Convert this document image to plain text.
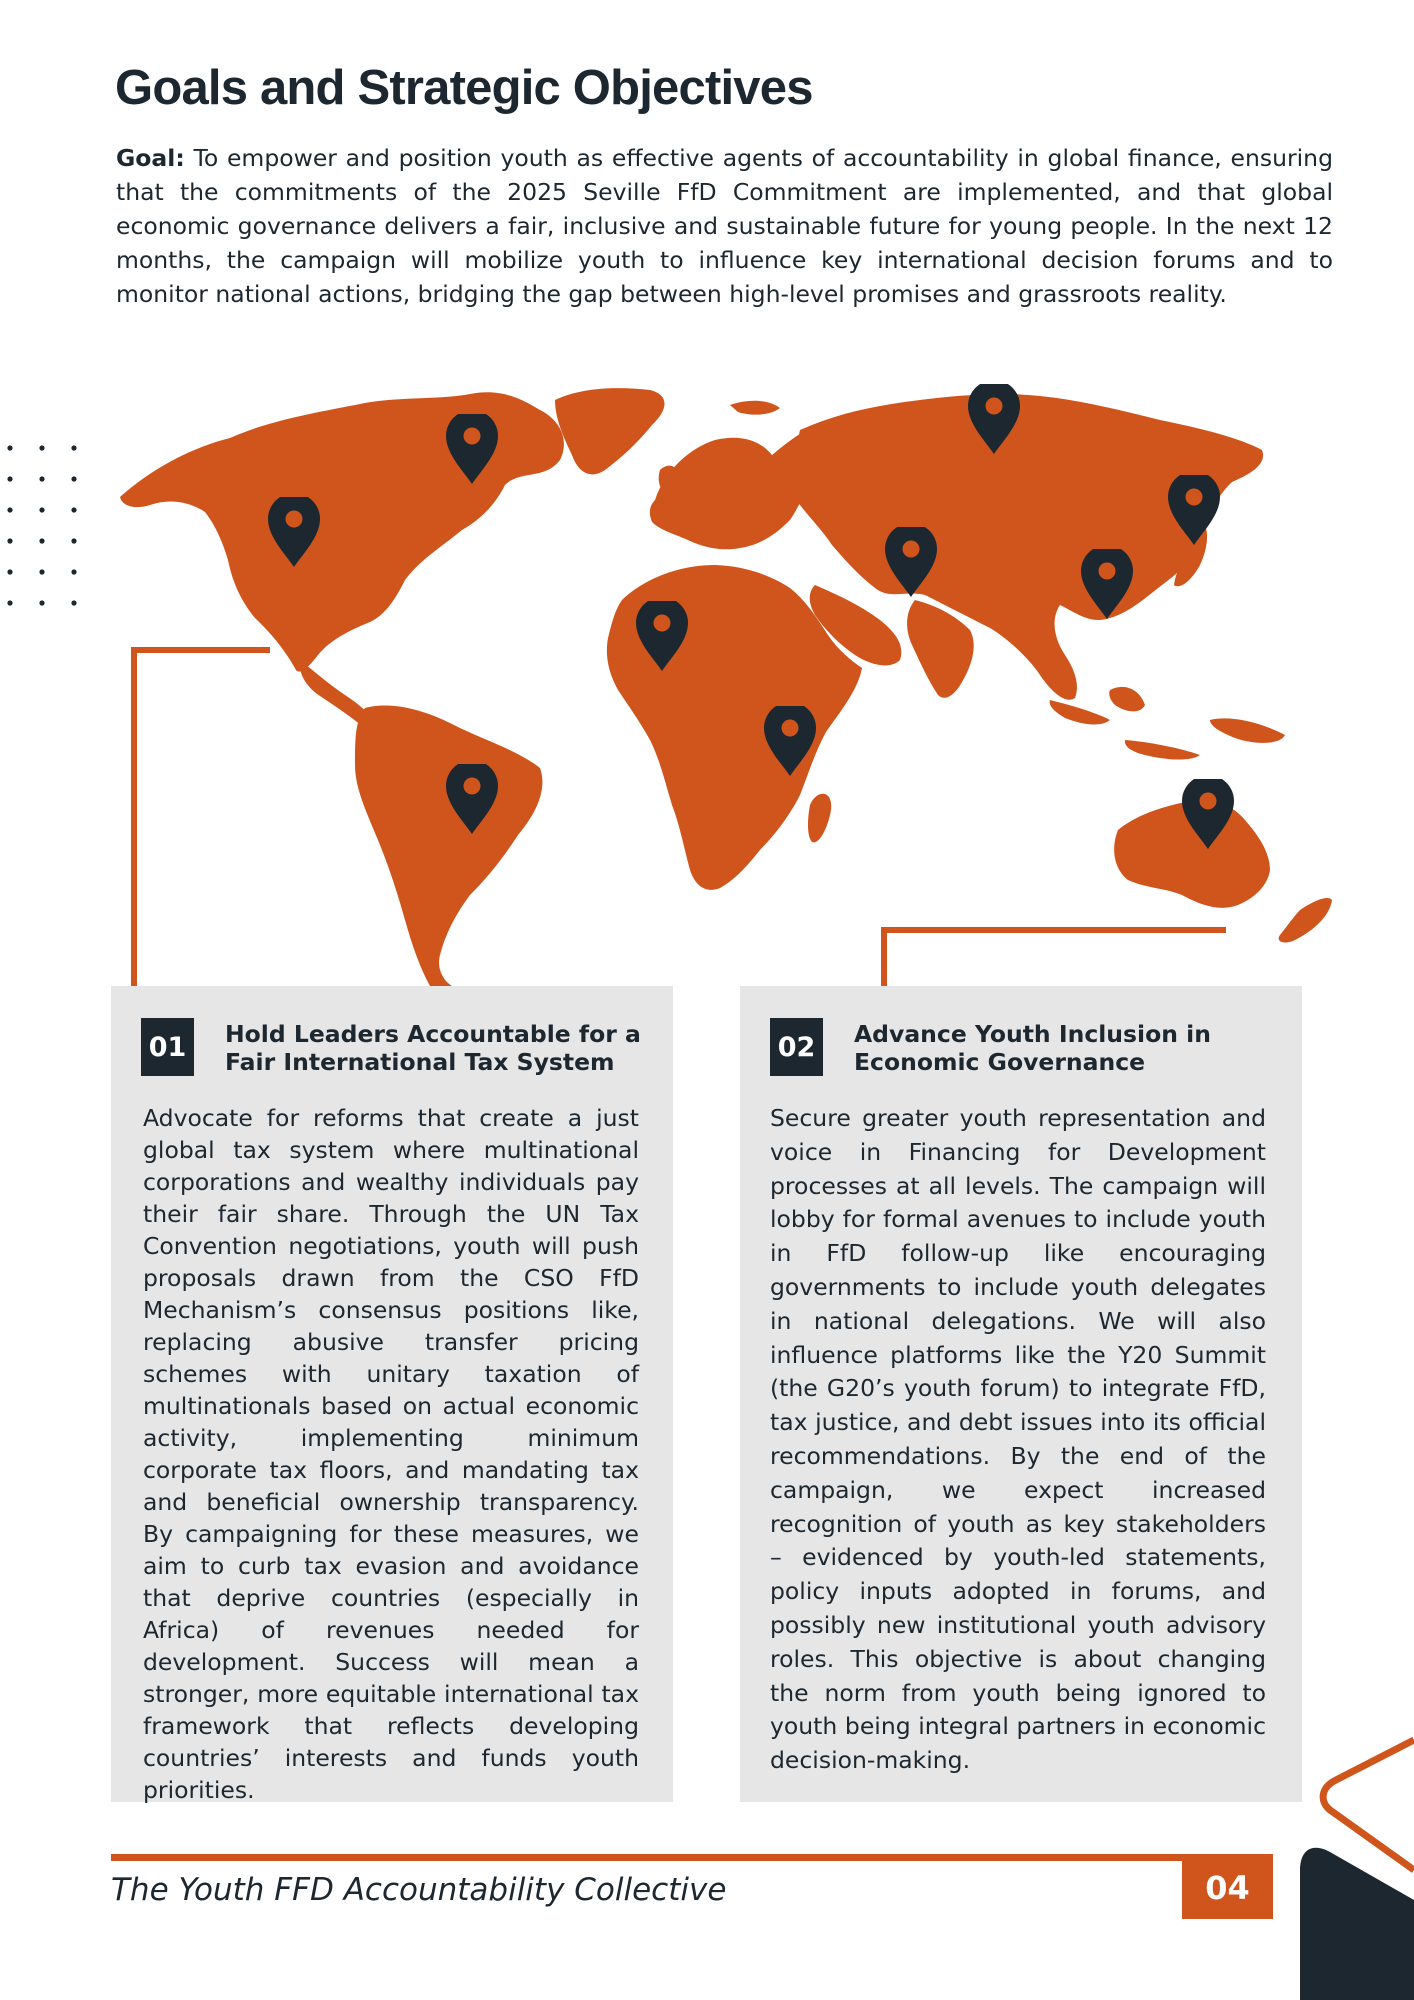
Goals and Strategic Objectives

Goal: To empower and position youth as effective agents of accountability in global finance, ensuring that the commitments of the 2025 Seville FfD Commitment are implemented, and that global economic governance delivers a fair, inclusive and sustainable future for young people. In the next 12 months, the campaign will mobilize youth to influence key international decision forums and to monitor national actions, bridging the gap between high-level promises and grassroots reality.

01	Hold Leaders Accountable for a Fair International Tax System

Advocate for reforms that create a just global tax system where multinational corporations and wealthy individuals pay their fair share. Through the UN Tax Convention negotiations, youth will push proposals drawn from the CSO FfD Mechanism’s consensus positions like, replacing abusive transfer pricing schemes with unitary taxation of multinationals based on actual economic activity, implementing minimum corporate tax floors, and mandating tax and beneficial ownership transparency. By campaigning for these measures, we aim to curb tax evasion and avoidance that deprive countries (especially in Africa) of revenues needed for development. Success will mean a stronger, more equitable international tax framework that reflects developing countries’ interests and funds youth priorities.

02	Advance Youth Inclusion in Economic Governance

Secure greater youth representation and voice in Financing for Development processes at all levels. The campaign will lobby for formal avenues to include youth in FfD follow-up like encouraging governments to include youth delegates in national delegations. We will also influence platforms like the Y20 Summit (the G20’s youth forum) to integrate FfD, tax justice, and debt issues into its official recommendations. By the end of the campaign, we expect increased recognition of youth as key stakeholders – evidenced by youth-led statements, policy inputs adopted in forums, and possibly new institutional youth advisory roles. This objective is about changing the norm from youth being ignored to youth being integral partners in economic decision-making.

The Youth FFD Accountability Collective	04
